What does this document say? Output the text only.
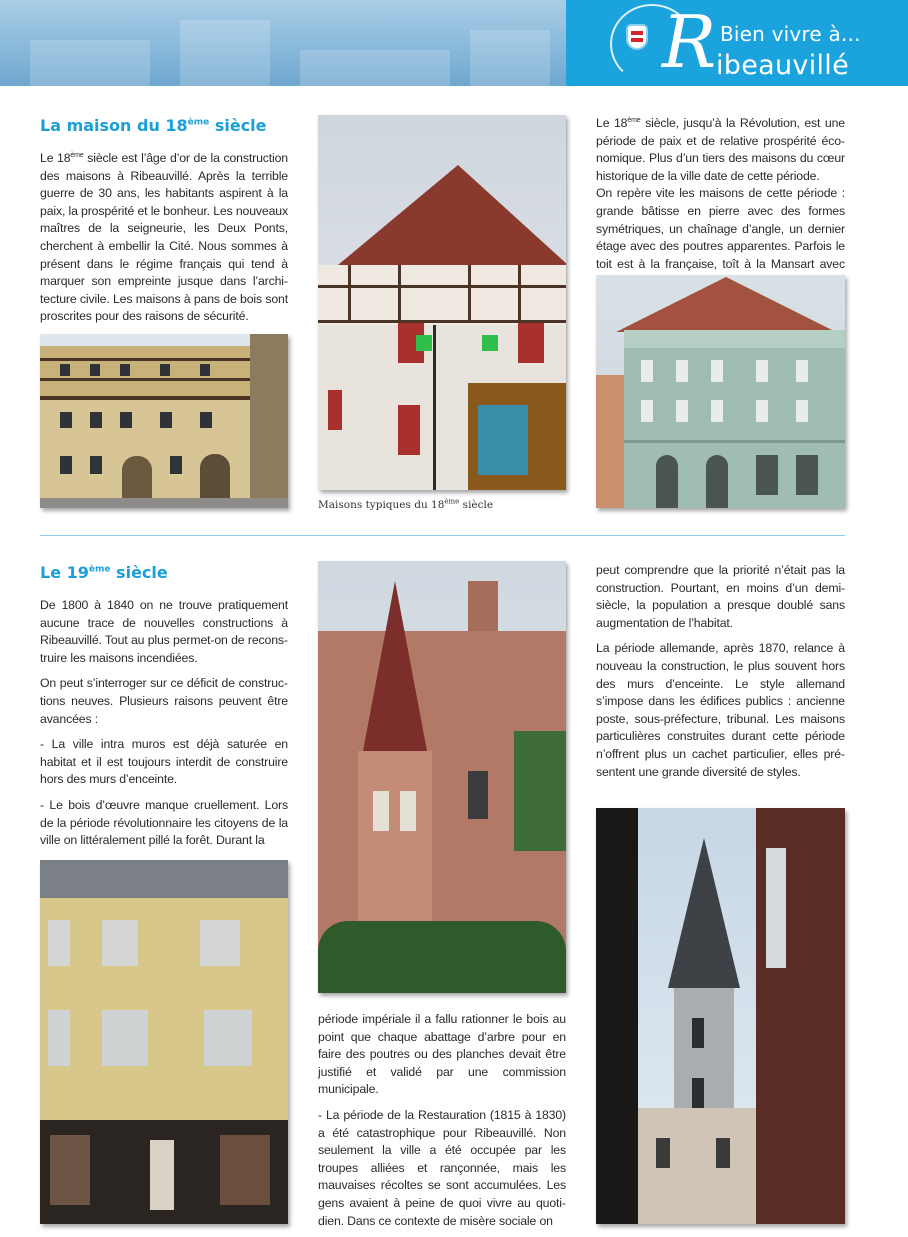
R Bien vivre à...
ibeauvillé
La maison du 18ème siècle

Le 18ème siècle est l’âge d’or de la construction des maisons à Ribeauvillé. Après la terrible guerre de 30 ans, les habitants aspirent à la paix, la prospérité et le bonheur. Les nouveaux maîtres de la seigneurie, les Deux Ponts, cherchent à embellir la Cité. Nous sommes à présent dans le régime français qui tend à marquer son empreinte jusque dans l’architecture civile. Les maisons à pans de bois sont proscrites pour des raisons de sécurité.

Le 18ème siècle, jusqu’à la Révolution, est une période de paix et de relative prospérité économique. Plus d’un tiers des maisons du cœur historique de la ville date de cette période.

On repère vite les maisons de cette période : grande bâtisse en pierre avec des formes symétriques, un chaînage d’angle, un dernier étage avec des poutres apparentes. Parfois le toit est à la française, toît à la Mansart avec

Maisons typiques du 18ème siècle
Le 19ème siècle

De 1800 à 1840 on ne trouve pratiquement aucune trace de nouvelles constructions à Ribeauvillé. Tout au plus permet-on de reconstruire les maisons incendiées.

On peut s’interroger sur ce déficit de constructions neuves. Plusieurs raisons peuvent être avancées :

- La ville intra muros est déjà saturée en habitat et il est toujours interdit de construire hors des murs d’enceinte.

- Le bois d’œuvre manque cruellement. Lors de la période révolutionnaire les citoyens de la ville on littéralement pillé la forêt. Durant la

période impériale il a fallu rationner le bois au point que chaque abattage d’arbre pour en faire des poutres ou des planches devait être justifié et validé par une commission municipale.

- La période de la Restauration (1815 à 1830) a été catastrophique pour Ribeauvillé. Non seulement la ville a été occupée par les troupes alliées et rançonnée, mais les mauvaises récoltes se sont accumulées. Les gens avaient à peine de quoi vivre au quotidien. Dans ce contexte de misère sociale on

peut comprendre que la priorité n’était pas la construction. Pourtant, en moins d’un demi-siècle, la population a presque doublé sans augmentation de l’habitat.

La période allemande, après 1870, relance à nouveau la construction, le plus souvent hors des murs d’enceinte. Le style allemand s’impose dans les édifices publics : ancienne poste, sous-préfecture, tribunal. Les maisons particulières construites durant cette période n’offrent plus un cachet particulier, elles présentent une grande diversité de styles.
